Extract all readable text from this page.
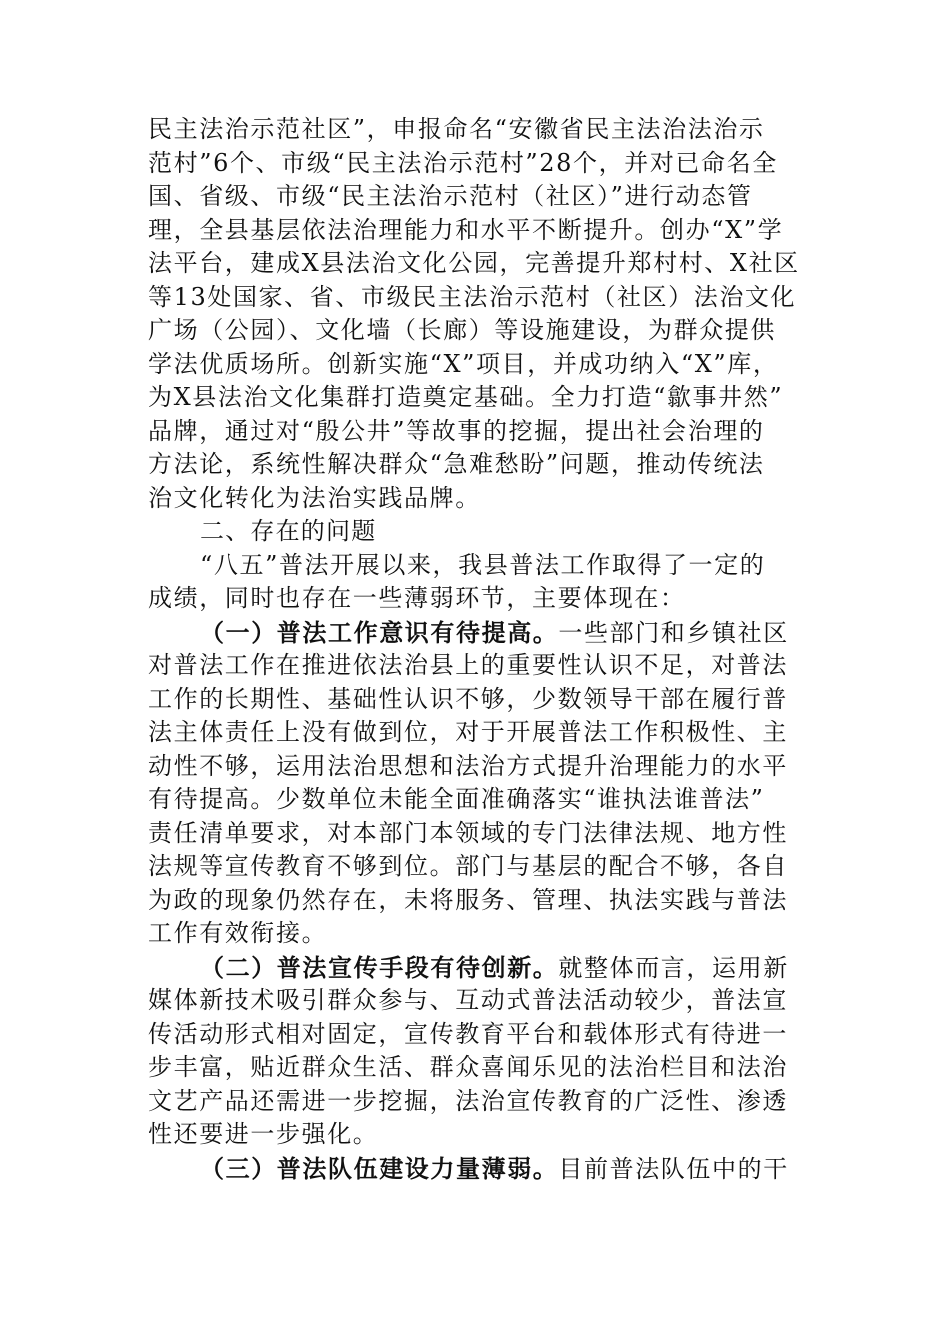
民主法治示范社区”，申报命名“安徽省民主法治法治示
范村”6个、市级“民主法治示范村”28个，并对已命名全
国、省级、市级“民主法治示范村（社区）”进行动态管
理，全县基层依法治理能力和水平不断提升。创办“X”学
法平台，建成X县法治文化公园，完善提升郑村村、X社区
等13处国家、省、市级民主法治示范村（社区）法治文化
广场（公园）、文化墙（长廊）等设施建设，为群众提供
学法优质场所。创新实施“X”项目，并成功纳入“X”库，
为X县法治文化集群打造奠定基础。全力打造“歙事井然”
品牌，通过对“殷公井”等故事的挖掘，提出社会治理的
方法论，系统性解决群众“急难愁盼”问题，推动传统法
治文化转化为法治实践品牌。
二、存在的问题
“八五”普法开展以来，我县普法工作取得了一定的
成绩，同时也存在一些薄弱环节，主要体现在：
（一）普法工作意识有待提高。一些部门和乡镇社区
对普法工作在推进依法治县上的重要性认识不足，对普法
工作的长期性、基础性认识不够，少数领导干部在履行普
法主体责任上没有做到位，对于开展普法工作积极性、主
动性不够，运用法治思想和法治方式提升治理能力的水平
有待提高。少数单位未能全面准确落实“谁执法谁普法”
责任清单要求，对本部门本领域的专门法律法规、地方性
法规等宣传教育不够到位。部门与基层的配合不够，各自
为政的现象仍然存在，未将服务、管理、执法实践与普法
工作有效衔接。
（二）普法宣传手段有待创新。就整体而言，运用新
媒体新技术吸引群众参与、互动式普法活动较少，普法宣
传活动形式相对固定，宣传教育平台和载体形式有待进一
步丰富，贴近群众生活、群众喜闻乐见的法治栏目和法治
文艺产品还需进一步挖掘，法治宣传教育的广泛性、渗透
性还要进一步强化。
（三）普法队伍建设力量薄弱。目前普法队伍中的干
